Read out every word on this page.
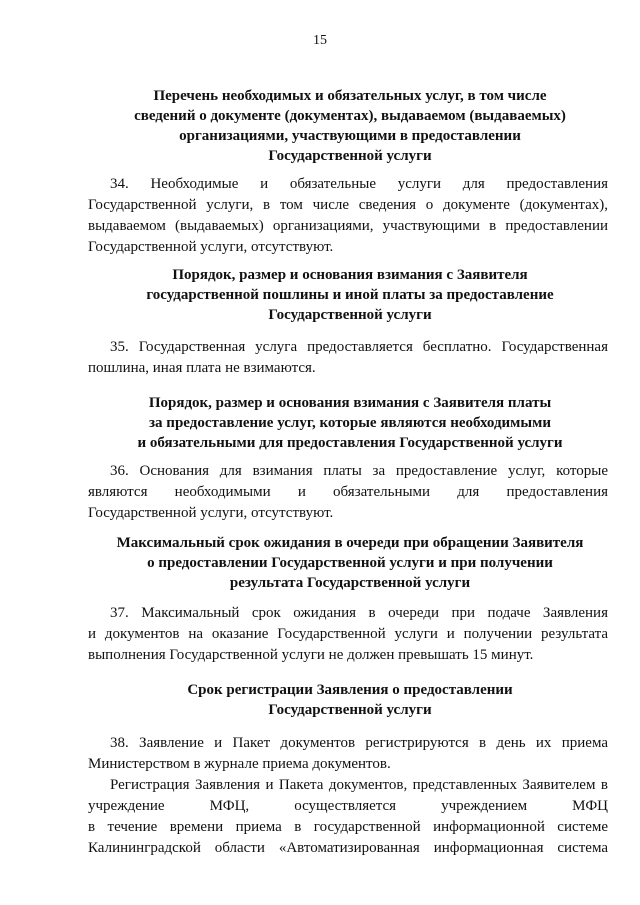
15
Перечень необходимых и обязательных услуг, в том числе
сведений о документе (документах), выдаваемом (выдаваемых)
организациями, участвующими в предоставлении
Государственной услуги
34. Необходимые и обязательные услуги для предоставления
Государственной услуги, в том числе сведения о документе (документах),
выдаваемом (выдаваемых) организациями, участвующими в предоставлении
Государственной услуги, отсутствуют.
Порядок, размер и основания взимания с Заявителя
государственной пошлины и иной платы за предоставление
Государственной услуги
35. Государственная услуга предоставляется бесплатно. Государственная
пошлина, иная плата не взимаются.
Порядок, размер и основания взимания с Заявителя платы
за предоставление услуг, которые являются необходимыми
и обязательными для предоставления Государственной услуги
36. Основания для взимания платы за предоставление услуг, которые
являются необходимыми и обязательными для предоставления
Государственной услуги, отсутствуют.
Максимальный срок ожидания в очереди при обращении Заявителя
о предоставлении Государственной услуги и при получении
результата Государственной услуги
37. Максимальный срок ожидания в очереди при подаче Заявления
и документов на оказание Государственной услуги и получении результата
выполнения Государственной услуги не должен превышать 15 минут.
Срок регистрации Заявления о предоставлении
Государственной услуги
38. Заявление и Пакет документов регистрируются в день их приема
Министерством в журнале приема документов.
Регистрация Заявления и Пакета документов, представленных Заявителем в
учреждение МФЦ, осуществляется учреждением МФЦ
в течение времени приема в государственной информационной системе
Калининградской области «Автоматизированная информационная система
